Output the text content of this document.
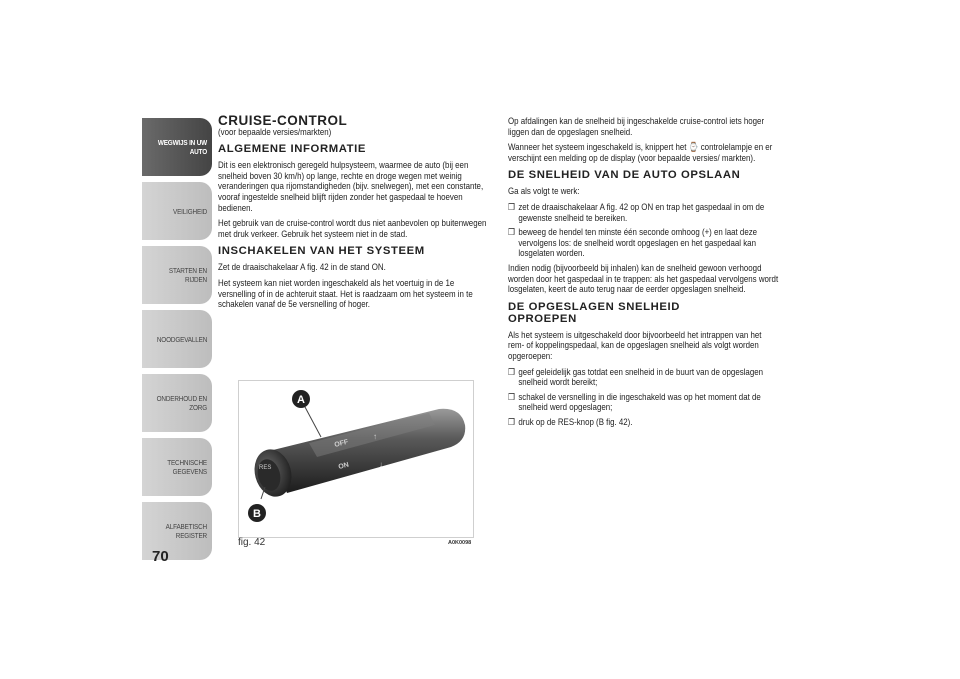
WEGWIJS IN UW AUTO
VEILIGHEID
STARTEN EN RIJDEN
NOODGEVALLEN
ONDERHOUD EN ZORG
TECHNISCHE GEGEVENS
ALFABETISCH REGISTER
70
CRUISE-CONTROL

(voor bepaalde versies/markten)

ALGEMENE INFORMATIE

Dit is een elektronisch geregeld hulpsysteem, waarmee de auto (bij een snelheid boven 30 km/h) op lange, rechte en droge wegen met weinig veranderingen qua rijomstandigheden (bijv. snelwegen), met een constante, vooraf ingestelde snelheid blijft rijden zonder het gaspedaal te hoeven bedienen.

Het gebruik van de cruise-control wordt dus niet aanbevolen op buitenwegen met druk verkeer. Gebruik het systeem niet in de stad.

INSCHAKELEN VAN HET SYSTEEM

Zet de draaischakelaar A fig. 42 in de stand ON.

Het systeem kan niet worden ingeschakeld als het voertuig in de 1e versnelling of in de achteruit staat. Het is raadzaam om het systeem in te schakelen vanaf de 5e versnelling of hoger.

RES
OFF
ON
↑
↓
A
B
fig. 42	A0K0098

Op afdalingen kan de snelheid bij ingeschakelde cruise-control iets hoger liggen dan de opgeslagen snelheid.

Wanneer het systeem ingeschakeld is, knippert het ⌚ controlelampje en er verschijnt een melding op de display (voor bepaalde versies/ markten).

DE SNELHEID VAN DE AUTO OPSLAAN

Ga als volgt te werk:

❒ zet de draaischakelaar A fig. 42 op ON en trap het gaspedaal in om de gewenste snelheid te bereiken.
❒ beweeg de hendel ten minste één seconde omhoog (+) en laat deze vervolgens los: de snelheid wordt opgeslagen en het gaspedaal kan losgelaten worden.

Indien nodig (bijvoorbeeld bij inhalen) kan de snelheid gewoon verhoogd worden door het gaspedaal in te trappen: als het gaspedaal vervolgens wordt losgelaten, keert de auto terug naar de eerder opgeslagen snelheid.

DE OPGESLAGEN SNELHEID OPROEPEN

Als het systeem is uitgeschakeld door bijvoorbeeld het intrappen van het rem- of koppelingspedaal, kan de opgeslagen snelheid als volgt worden opgeroepen:

❒ geef geleidelijk gas totdat een snelheid in de buurt van de opgeslagen snelheid wordt bereikt;
❒ schakel de versnelling in die ingeschakeld was op het moment dat de snelheid werd opgeslagen;
❒ druk op de RES-knop (B fig. 42).
